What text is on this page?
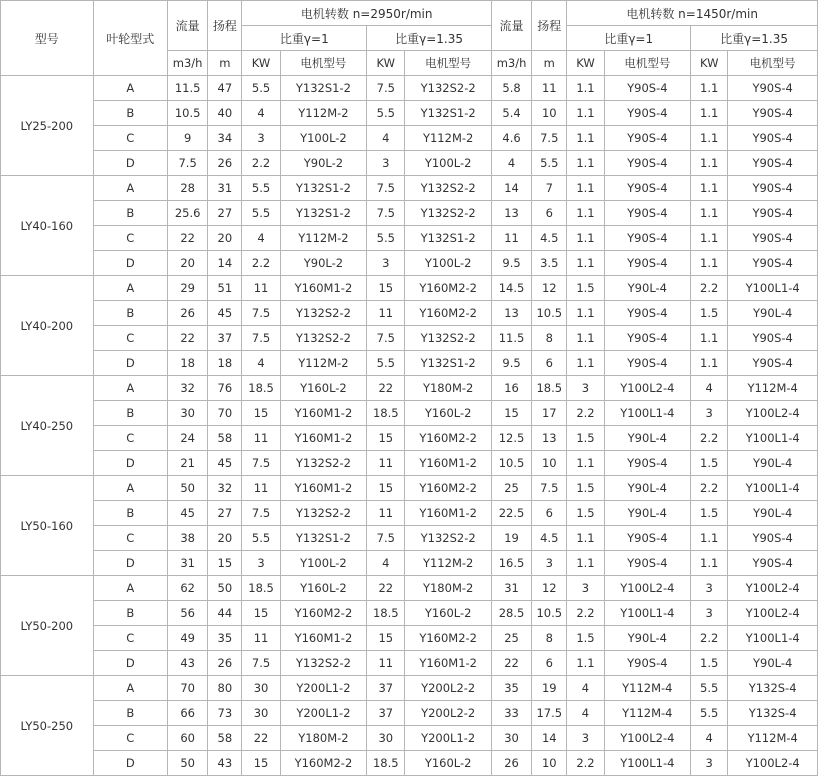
型号	叶轮型式	流量	扬程	电机转数 n=2950r/min				流量	扬程	电机转数 n=1450r/min			
				比重γ=1		比重γ=1.35				比重γ=1		比重γ=1.35	
		m3/h	m	KW	电机型号	KW	电机型号	m3/h	m	KW	电机型号	KW	电机型号
LY25-200	A	11.5	47	5.5	Y132S1-2	7.5	Y132S2-2	5.8	11	1.1	Y90S-4	1.1	Y90S-4
	B	10.5	40	4	Y112M-2	5.5	Y132S1-2	5.4	10	1.1	Y90S-4	1.1	Y90S-4
	C	9	34	3	Y100L-2	4	Y112M-2	4.6	7.5	1.1	Y90S-4	1.1	Y90S-4
	D	7.5	26	2.2	Y90L-2	3	Y100L-2	4	5.5	1.1	Y90S-4	1.1	Y90S-4
LY40-160	A	28	31	5.5	Y132S1-2	7.5	Y132S2-2	14	7	1.1	Y90S-4	1.1	Y90S-4
	B	25.6	27	5.5	Y132S1-2	7.5	Y132S2-2	13	6	1.1	Y90S-4	1.1	Y90S-4
	C	22	20	4	Y112M-2	5.5	Y132S1-2	11	4.5	1.1	Y90S-4	1.1	Y90S-4
	D	20	14	2.2	Y90L-2	3	Y100L-2	9.5	3.5	1.1	Y90S-4	1.1	Y90S-4
LY40-200	A	29	51	11	Y160M1-2	15	Y160M2-2	14.5	12	1.5	Y90L-4	2.2	Y100L1-4
	B	26	45	7.5	Y132S2-2	11	Y160M2-2	13	10.5	1.1	Y90S-4	1.5	Y90L-4
	C	22	37	7.5	Y132S2-2	7.5	Y132S2-2	11.5	8	1.1	Y90S-4	1.1	Y90S-4
	D	18	18	4	Y112M-2	5.5	Y132S1-2	9.5	6	1.1	Y90S-4	1.1	Y90S-4
LY40-250	A	32	76	18.5	Y160L-2	22	Y180M-2	16	18.5	3	Y100L2-4	4	Y112M-4
	B	30	70	15	Y160M1-2	18.5	Y160L-2	15	17	2.2	Y100L1-4	3	Y100L2-4
	C	24	58	11	Y160M1-2	15	Y160M2-2	12.5	13	1.5	Y90L-4	2.2	Y100L1-4
	D	21	45	7.5	Y132S2-2	11	Y160M1-2	10.5	10	1.1	Y90S-4	1.5	Y90L-4
LY50-160	A	50	32	11	Y160M1-2	15	Y160M2-2	25	7.5	1.5	Y90L-4	2.2	Y100L1-4
	B	45	27	7.5	Y132S2-2	11	Y160M1-2	22.5	6	1.5	Y90L-4	1.5	Y90L-4
	C	38	20	5.5	Y132S1-2	7.5	Y132S2-2	19	4.5	1.1	Y90S-4	1.1	Y90S-4
	D	31	15	3	Y100L-2	4	Y112M-2	16.5	3	1.1	Y90S-4	1.1	Y90S-4
LY50-200	A	62	50	18.5	Y160L-2	22	Y180M-2	31	12	3	Y100L2-4	3	Y100L2-4
	B	56	44	15	Y160M2-2	18.5	Y160L-2	28.5	10.5	2.2	Y100L1-4	3	Y100L2-4
	C	49	35	11	Y160M1-2	15	Y160M2-2	25	8	1.5	Y90L-4	2.2	Y100L1-4
	D	43	26	7.5	Y132S2-2	11	Y160M1-2	22	6	1.1	Y90S-4	1.5	Y90L-4
LY50-250	A	70	80	30	Y200L1-2	37	Y200L2-2	35	19	4	Y112M-4	5.5	Y132S-4
	B	66	73	30	Y200L1-2	37	Y200L2-2	33	17.5	4	Y112M-4	5.5	Y132S-4
	C	60	58	22	Y180M-2	30	Y200L1-2	30	14	3	Y100L2-4	4	Y112M-4
	D	50	43	15	Y160M2-2	18.5	Y160L-2	26	10	2.2	Y100L1-4	3	Y100L2-4
